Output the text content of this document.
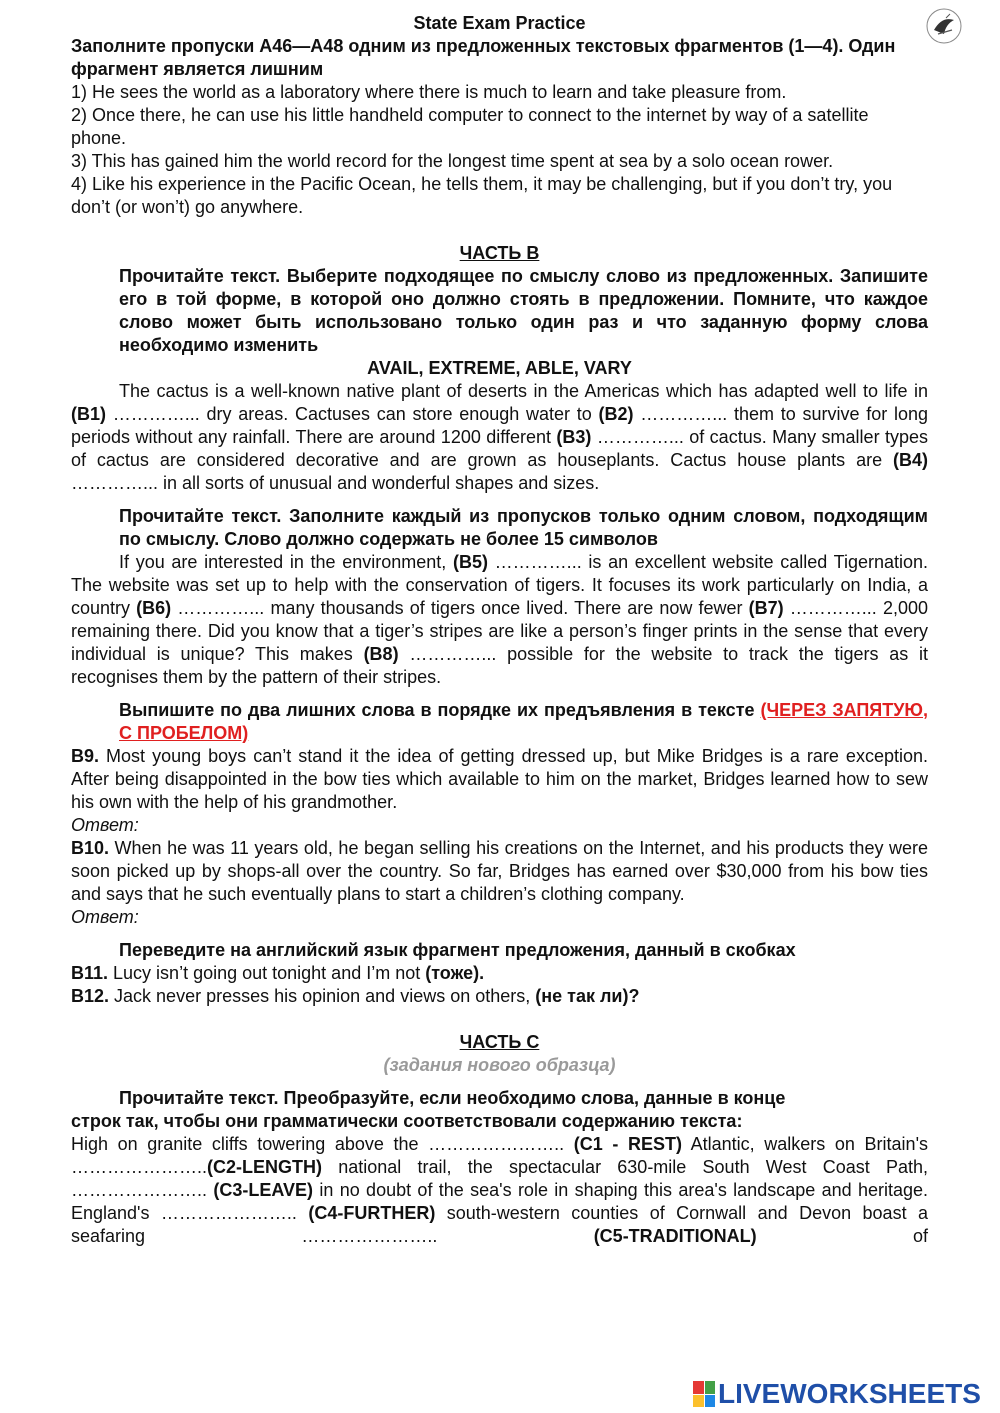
State Exam Practice

Заполните пропуски А46—А48 одним из предложенных текстовых фрагментов (1—4). Один фрагмент является лишним

1) He sees the world as a laboratory where there is much to learn and take pleasure from.

2) Once there, he can use his little handheld computer to connect to the internet by way of a satellite phone.

3) This has gained him the world record for the longest time spent at sea by a solo ocean rower.

4) Like his experience in the Pacific Ocean, he tells them, it may be challenging, but if you don’t try, you don’t (or won’t) go anywhere.

ЧАСТЬ В

Прочитайте текст. Выберите подходящее по смыслу слово из предложенных. Запишите его в той форме, в которой оно должно стоять в предложении. Помните, что каждое слово может быть использовано только один раз и что заданную форму слова необходимо изменить

AVAIL, EXTREME, ABLE, VARY

The cactus is a well-known native plant of deserts in the Americas which has adapted well to life in (B1) …………... dry areas. Cactuses can store enough water to (B2) …………... them to survive for long periods without any rainfall. There are around 1200 different (B3) …………... of cactus. Many smaller types of cactus are considered decorative and are grown as houseplants. Cactus house plants are (B4) …………... in all sorts of unusual and wonderful shapes and sizes.

Прочитайте текст. Заполните каждый из пропусков только одним словом, подходящим по смыслу. Слово должно содержать не более 15 символов

If you are interested in the environment, (B5) …………... is an excellent website called Tigernation. The website was set up to help with the conservation of tigers. It focuses its work particularly on India, a country (B6) …………... many thousands of tigers once lived. There are now fewer (B7) …………... 2,000 remaining there. Did you know that a tiger’s stripes are like a person’s finger prints in the sense that every individual is unique? This makes (B8) …………... possible for the website to track the tigers as it recognises them by the pattern of their stripes.

Выпишите по два лишних слова в порядке их предъявления в тексте (ЧЕРЕЗ ЗАПЯТУЮ, С ПРОБЕЛОМ)

B9. Most young boys can’t stand it the idea of getting dressed up, but Mike Bridges is a rare exception. After being disappointed in the bow ties which available to him on the market, Bridges learned how to sew his own with the help of his grandmother.

Ответ:

B10. When he was 11 years old, he began selling his creations on the Internet, and his products they were soon picked up by shops-all over the country. So far, Bridges has earned over $30,000 from his bow ties and says that he such eventually plans to start a children’s clothing company.

Ответ:

Переведите на английский язык фрагмент предложения, данный в скобках

B11. Lucy isn’t going out tonight and I’m not (тоже).

B12. Jack never presses his opinion and views on others, (не так ли)?

ЧАСТЬ С

(задания нового образца)

Прочитайте текст. Преобразуйте, если необходимо слова, данные в конце

строк так, чтобы они грамматически соответствовали содержанию текста:

High on granite cliffs towering above the ………………….. (C1 - REST) Atlantic, walkers on Britain's …………………..(C2-LENGTH) national trail, the spectacular 630-mile South West Coast Path, ………………….. (C3-LEAVE) in no doubt of the sea's role in shaping this area's landscape and heritage. England's ………………….. (C4-FURTHER) south-western counties of Cornwall and Devon boast a seafaring ………………….. (C5-TRADITIONAL) of

LIVEWORKSHEETS
